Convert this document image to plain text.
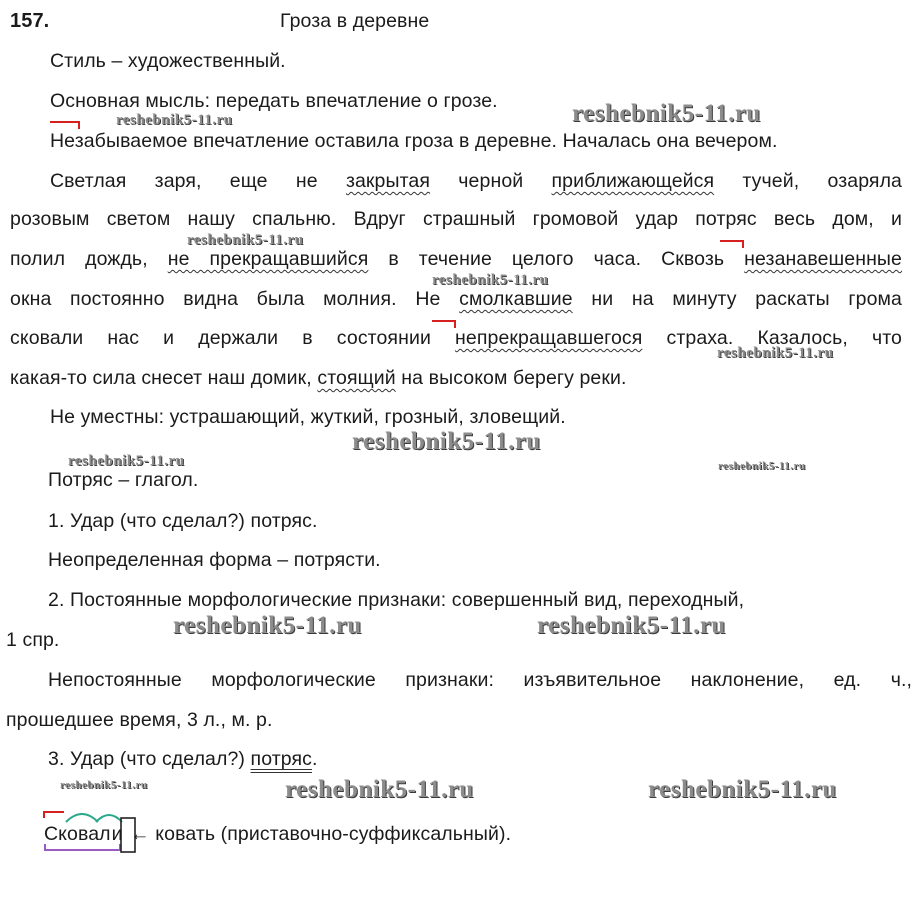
157.	Гроза в деревне
Стиль – художественный.
Основная мысль: передать впечатление о грозе.
Незабываемое впечатление оставила гроза в деревне. Началась она вечером.
Светлая заря, еще не закрытая черной приближающейся тучей, озаряла
розовым светом нашу спальню. Вдруг страшный громовой удар потряс весь дом, и
полил дождь, не прекращавшийся в течение целого часа. Сквозь незанавешенные
окна постоянно видна была молния. Не смолкавшие ни на минуту раскаты грома
сковали нас и держали в состоянии непрекращавшегося страха. Казалось, что
какая-то сила снесет наш домик, стоящий на высоком берегу реки.
Не уместны: устрашающий, жуткий, грозный, зловещий.
Потряс – глагол.
1. Удар (что сделал?) потряс.
Неопределенная форма – потрясти.
2. Постоянные морфологические признаки: совершенный вид, переходный,
1 спр.
Непостоянные морфологические признаки: изъявительное наклонение, ед. ч.,
прошедшее время, 3 л., м. р.
3. Удар (что сделал?) потряс.
Сковали ← ковать (приставочно-суффиксальный).
reshebnik5-11.ru
reshebnik5-11.ru
reshebnik5-11.ru
reshebnik5-11.ru
reshebnik5-11.ru
reshebnik5-11.ru
reshebnik5-11.ru	reshebnik5-11.ru
reshebnik5-11.ru	reshebnik5-11.ru
reshebnik5-11.ru	reshebnik5-11.ru	reshebnik5-11.ru
